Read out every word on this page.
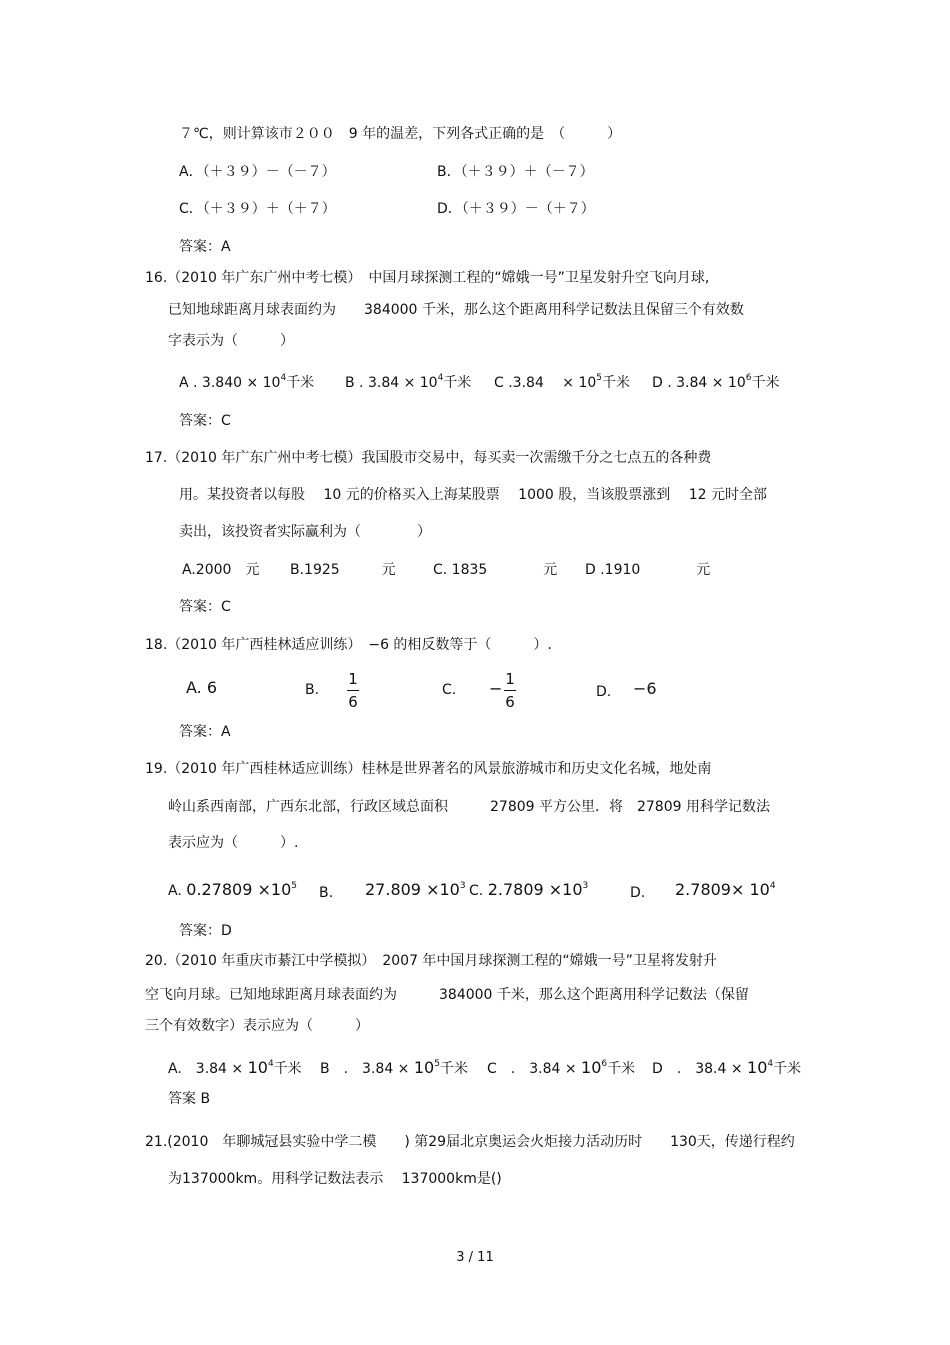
７℃，则计算该市２００　9 年的温差，下列各式正确的是　（　　　）
A．（＋３９）－（－７）	B．（＋３９）＋（－７）
C．（＋３９）＋（＋７）	D．（＋３９）－（＋７）
答案：A
16.（2010 年广东广州中考七模）　中国月球探测工程的“嫦娥一号”卫星发射升空飞向月球,
已知地球距离月球表面约为　　384000 千米，那么这个距离用科学记数法且保留三个有效数
字表示为（　　　）
A . $3.840 \times 10^4$千米 B . $3.84 \times 10^4$千米 C .3.84　 × $10^5$千米 D . $3.84 \times 10^6$千米
答案：C
17.（2010 年广东广州中考七模）我国股市交易中，每买卖一次需缴千分之七点五的各种费
用。某投资者以每股　 10 元的价格买入上海某股票　 1000 股，当该股票涨到　 12 元时全部
卖出，该投资者实际赢利为（　　　　）
A.2000　元 B.1925　　　元	C. 1835　　　　元 D .1910　　　　元
答案：C
18.（2010 年广西桂林适应训练）　−6 的相反数等于（　　　）.
A. 6	B.
1
6
C. − 1
6
D. −6
答案：A
19.（2010 年广西桂林适应训练）桂林是世界著名的风景旅游城市和历史文化名城，地处南
岭山系西南部，广西东北部，行政区域总面积　　　27809 平方公里．将　27809 用科学记数法
表示应为（　　　）.
A. $0.27809 \times 10^5$ B. $27.809 \times 10^3$ C. $2.7809 \times 10^3$	D. $2.7809\times 10^4$
答案：D
20.（2010 年重庆市綦江中学模拟）　2007 年中国月球探测工程的“嫦娥一号”卫星将发射升
空飞向月球。已知地球距离月球表面约为　　　384000 千米，那么这个距离用科学记数法（保留
三个有效数字）表示应为（　　　）
A.　$3.84 \times 10^4$千米 B　.　$3.84 \times 10^5$千米 C　.　$3.84 \times 10^6$千米 D　.　$38.4 \times 10^4$千米
答案 B
21.(2010　年聊城冠县实验中学二模　　) 第29届北京奥运会火炬接力活动历时　　130天，传递行程约
为137000km。用科学记数法表示　 137000km是()
3 / 11
